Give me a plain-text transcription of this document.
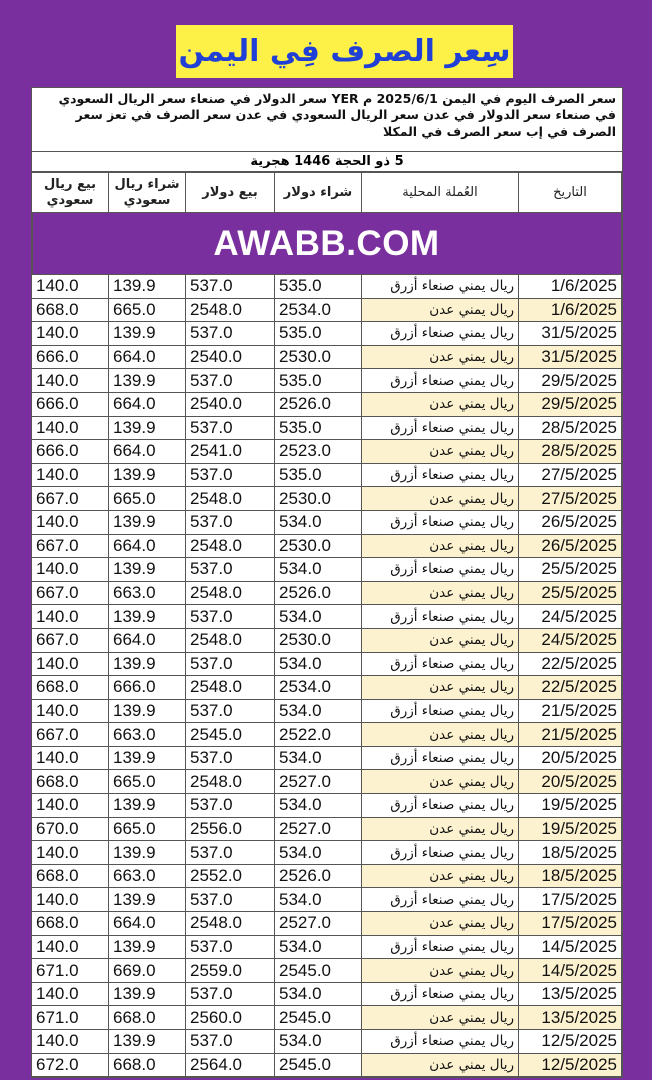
سِعر الصرف فِي اليمن
سعر الصرف اليوم في اليمن 2025/6/1 م YER سعر الدولار في صنعاء سعر الريال السعودي في صنعاء سعر الدولار في عدن سعر الريال السعودي في عدن سعر الصرف في تعز سعر الصرف في إب سعر الصرف في المكلا
5 ذو الحجة 1446 هجرية
التاريخ	العُملة المحلية	شراء دولار	بيع دولار	شراء ريال سعودي	بيع ريال سعودي

AWABB.COM					

1/6/2025	ريال يمني صنعاء أزرق	535.0	537.0	139.9	140.0
1/6/2025	ريال يمني عدن	2534.0	2548.0	665.0	668.0
31/5/2025	ريال يمني صنعاء أزرق	535.0	537.0	139.9	140.0
31/5/2025	ريال يمني عدن	2530.0	2540.0	664.0	666.0
29/5/2025	ريال يمني صنعاء أزرق	535.0	537.0	139.9	140.0
29/5/2025	ريال يمني عدن	2526.0	2540.0	664.0	666.0
28/5/2025	ريال يمني صنعاء أزرق	535.0	537.0	139.9	140.0
28/5/2025	ريال يمني عدن	2523.0	2541.0	664.0	666.0
27/5/2025	ريال يمني صنعاء أزرق	535.0	537.0	139.9	140.0
27/5/2025	ريال يمني عدن	2530.0	2548.0	665.0	667.0
26/5/2025	ريال يمني صنعاء أزرق	534.0	537.0	139.9	140.0
26/5/2025	ريال يمني عدن	2530.0	2548.0	664.0	667.0
25/5/2025	ريال يمني صنعاء أزرق	534.0	537.0	139.9	140.0
25/5/2025	ريال يمني عدن	2526.0	2548.0	663.0	667.0
24/5/2025	ريال يمني صنعاء أزرق	534.0	537.0	139.9	140.0
24/5/2025	ريال يمني عدن	2530.0	2548.0	664.0	667.0
22/5/2025	ريال يمني صنعاء أزرق	534.0	537.0	139.9	140.0
22/5/2025	ريال يمني عدن	2534.0	2548.0	666.0	668.0
21/5/2025	ريال يمني صنعاء أزرق	534.0	537.0	139.9	140.0
21/5/2025	ريال يمني عدن	2522.0	2545.0	663.0	667.0
20/5/2025	ريال يمني صنعاء أزرق	534.0	537.0	139.9	140.0
20/5/2025	ريال يمني عدن	2527.0	2548.0	665.0	668.0
19/5/2025	ريال يمني صنعاء أزرق	534.0	537.0	139.9	140.0
19/5/2025	ريال يمني عدن	2527.0	2556.0	665.0	670.0
18/5/2025	ريال يمني صنعاء أزرق	534.0	537.0	139.9	140.0
18/5/2025	ريال يمني عدن	2526.0	2552.0	663.0	668.0
17/5/2025	ريال يمني صنعاء أزرق	534.0	537.0	139.9	140.0
17/5/2025	ريال يمني عدن	2527.0	2548.0	664.0	668.0
14/5/2025	ريال يمني صنعاء أزرق	534.0	537.0	139.9	140.0
14/5/2025	ريال يمني عدن	2545.0	2559.0	669.0	671.0
13/5/2025	ريال يمني صنعاء أزرق	534.0	537.0	139.9	140.0
13/5/2025	ريال يمني عدن	2545.0	2560.0	668.0	671.0
12/5/2025	ريال يمني صنعاء أزرق	534.0	537.0	139.9	140.0
12/5/2025	ريال يمني عدن	2545.0	2564.0	668.0	672.0
